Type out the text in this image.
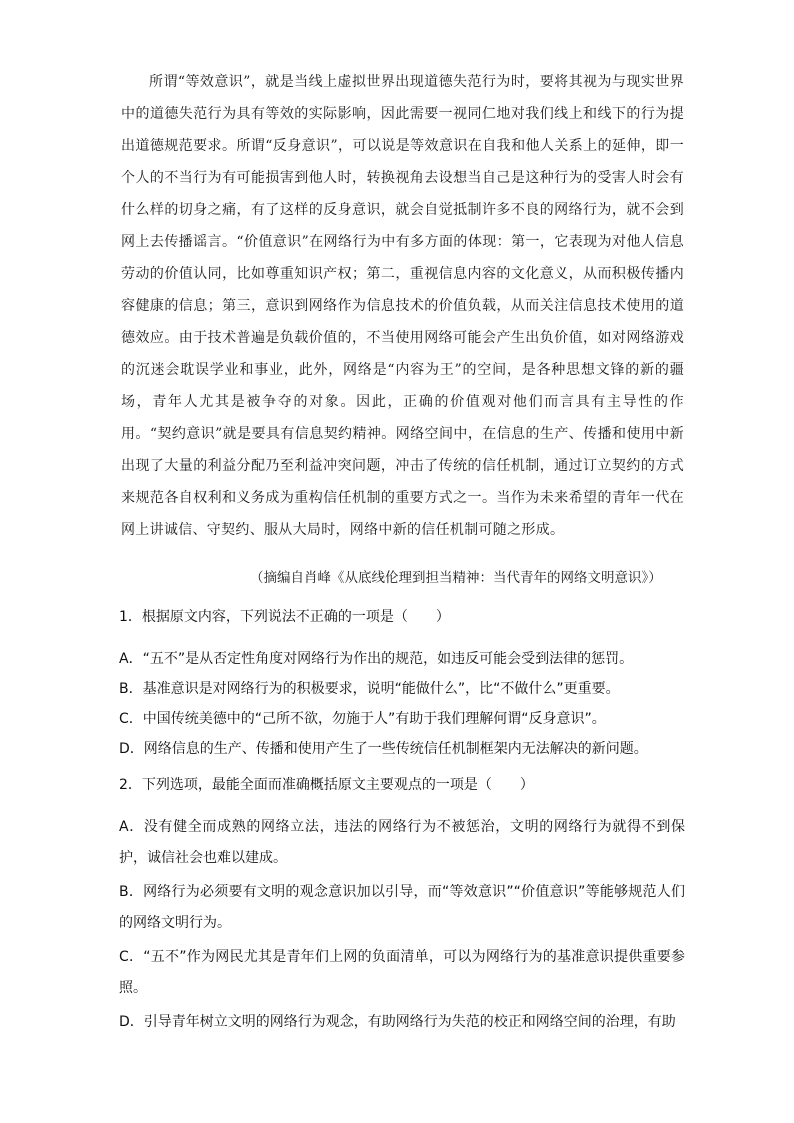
所谓“等效意识”，就是当线上虚拟世界出现道德失范行为时，要将其视为与现实世界中的道德失范行为具有等效的实际影响，因此需要一视同仁地对我们线上和线下的行为提出道德规范要求。所谓“反身意识”，可以说是等效意识在自我和他人关系上的延伸，即一个人的不当行为有可能损害到他人时，转换视角去设想当自己是这种行为的受害人时会有什么样的切身之痛，有了这样的反身意识，就会自觉抵制许多不良的网络行为，就不会到网上去传播谣言。“价值意识”在网络行为中有多方面的体现：第一，它表现为对他人信息劳动的价值认同，比如尊重知识产权；第二，重视信息内容的文化意义，从而积极传播内容健康的信息；第三，意识到网络作为信息技术的价值负载，从而关注信息技术使用的道德效应。由于技术普遍是负载价值的，不当使用网络可能会产生出负价值，如对网络游戏的沉迷会耽误学业和事业，此外，网络是“内容为王”的空间，是各种思想文锋的新的疆场，青年人尤其是被争夺的对象。因此，正确的价值观对他们而言具有主导性的作用。“契约意识”就是要具有信息契约精神。网络空间中，在信息的生产、传播和使用中新出现了大量的利益分配乃至利益冲突问题，冲击了传统的信任机制，通过订立契约的方式来规范各自权利和义务成为重构信任机制的重要方式之一。当作为未来希望的青年一代在网上讲诚信、守契约、服从大局时，网络中新的信任机制可随之形成。
（摘编自肖峰《从底线伦理到担当精神：当代青年的网络文明意识》）

1．根据原文内容，下列说法不正确的一项是（　　）

A．“五不”是从否定性角度对网络行为作出的规范，如违反可能会受到法律的惩罚。

B．基准意识是对网络行为的积极要求，说明“能做什么”，比“不做什么”更重要。

C．中国传统美德中的“己所不欲，勿施于人”有助于我们理解何谓“反身意识”。

D．网络信息的生产、传播和使用产生了一些传统信任机制框架内无法解决的新问题。

2．下列选项，最能全面而准确概括原文主要观点的一项是（　　）

A．没有健全而成熟的网络立法，违法的网络行为不被惩治，文明的网络行为就得不到保护，诚信社会也难以建成。

B．网络行为必须要有文明的观念意识加以引导，而“等效意识”“价值意识”等能够规范人们的网络文明行为。

C．“五不”作为网民尤其是青年们上网的负面清单，可以为网络行为的基准意识提供重要参照。

D．引导青年树立文明的网络行为观念，有助网络行为失范的校正和网络空间的治理，有助
